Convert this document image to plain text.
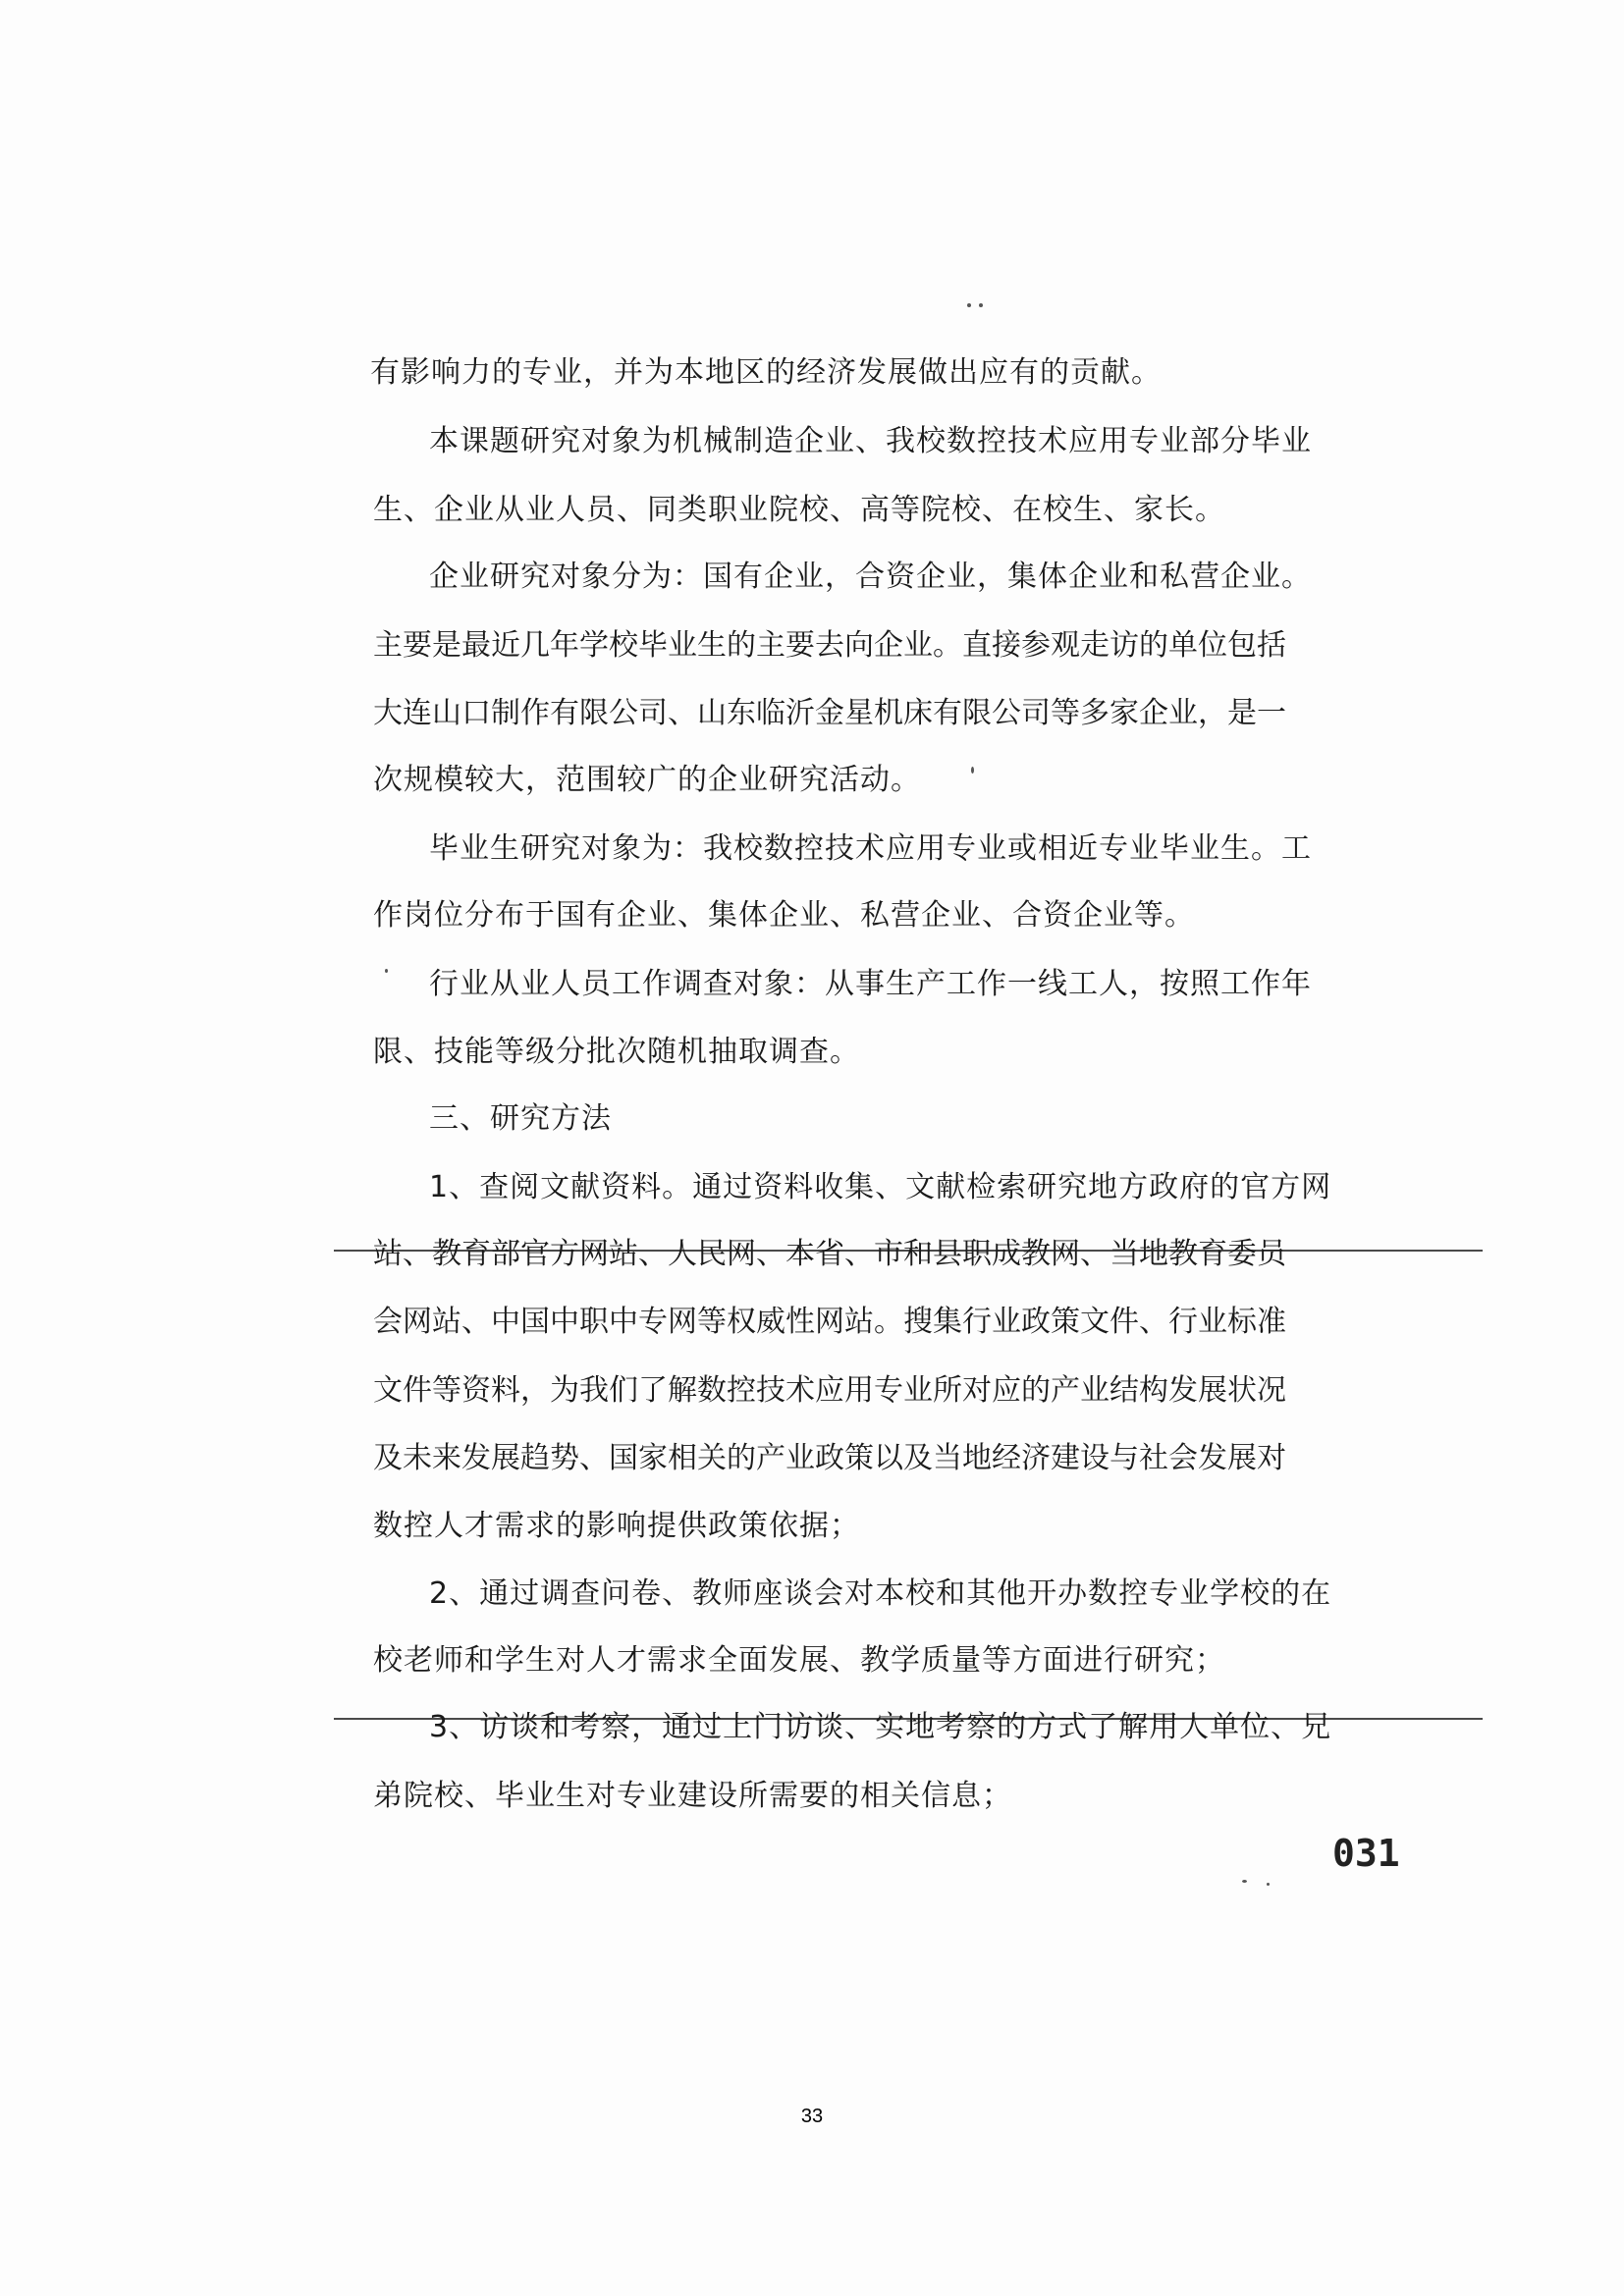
有影响力的专业，并为本地区的经济发展做出应有的贡献。
本课题研究对象为机械制造企业、我校数控技术应用专业部分毕业
生、企业从业人员、同类职业院校、高等院校、在校生、家长。
企业研究对象分为：国有企业，合资企业，集体企业和私营企业。
主要是最近几年学校毕业生的主要去向企业。直接参观走访的单位包括
大连山口制作有限公司、山东临沂金星机床有限公司等多家企业，是一
次规模较大，范围较广的企业研究活动。
毕业生研究对象为：我校数控技术应用专业或相近专业毕业生。工
作岗位分布于国有企业、集体企业、私营企业、合资企业等。
行业从业人员工作调查对象：从事生产工作一线工人，按照工作年
限、技能等级分批次随机抽取调查。
三、研究方法
1、查阅文献资料。通过资料收集、文献检索研究地方政府的官方网
站、教育部官方网站、人民网、本省、市和县职成教网、当地教育委员
会网站、中国中职中专网等权威性网站。搜集行业政策文件、行业标准
文件等资料，为我们了解数控技术应用专业所对应的产业结构发展状况
及未来发展趋势、国家相关的产业政策以及当地经济建设与社会发展对
数控人才需求的影响提供政策依据；
2、通过调查问卷、教师座谈会对本校和其他开办数控专业学校的在
校老师和学生对人才需求全面发展、教学质量等方面进行研究；
3、访谈和考察，通过上门访谈、实地考察的方式了解用人单位、兄
弟院校、毕业生对专业建设所需要的相关信息；
031
33
